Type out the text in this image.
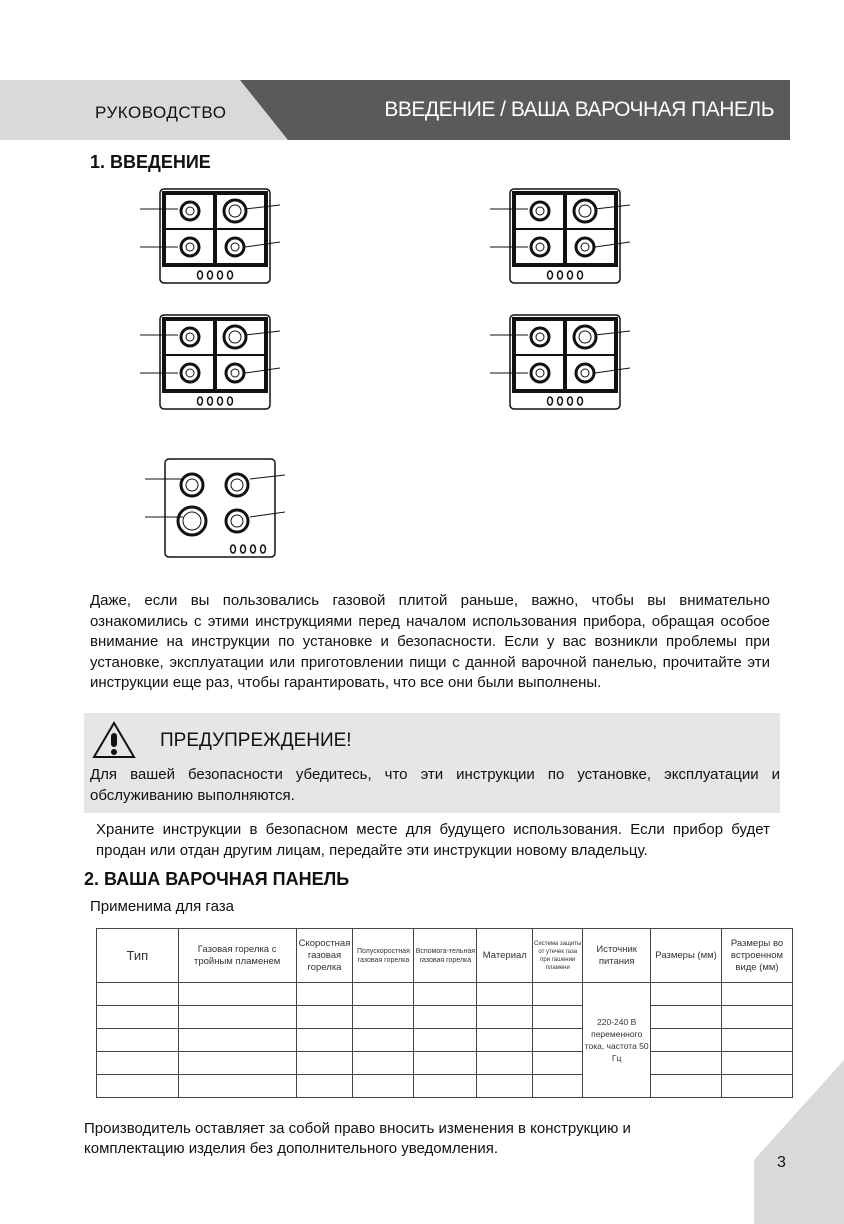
РУКОВОДСТВО	ВВЕДЕНИЕ / ВАША ВАРОЧНАЯ ПАНЕЛЬ
1. ВВЕДЕНИЕ
Даже, если вы пользовались газовой плитой раньше, важно, чтобы вы внимательно ознакомились с этими инструкциями перед началом использования прибора, обращая особое внимание на инструкции по установке и безопасности. Если у вас возникли проблемы при установке, эксплуатации или приготовлении пищи с данной варочной панелью, прочитайте эти инструкции еще раз, чтобы гарантировать, что все они были выполнены.
ПРЕДУПРЕЖДЕНИЕ!
Для вашей безопасности убедитесь, что эти инструкции по установке, эксплуатации и обслуживанию выполняются.
Храните инструкции в безопасном месте для будущего использования. Если прибор будет продан или отдан другим лицам, передайте эти инструкции новому владельцу.
2. ВАША ВАРОЧНАЯ ПАНЕЛЬ
Применима для газа
Тип	Газовая горелка с тройным пламенем	Скоростная газовая горелка	Полускоростная газовая горелка	Вспомога-тельная газовая горелка	Материал	Система защиты от утечек газа при гашении пламени	Источник питания	Размеры (мм)	Размеры во встроенном виде (мм)
							220-240 В переменного тока, частота 50 Гц		

Производитель оставляет за собой право вносить изменения в конструкцию и комплектацию изделия без дополнительного уведомления.
3
